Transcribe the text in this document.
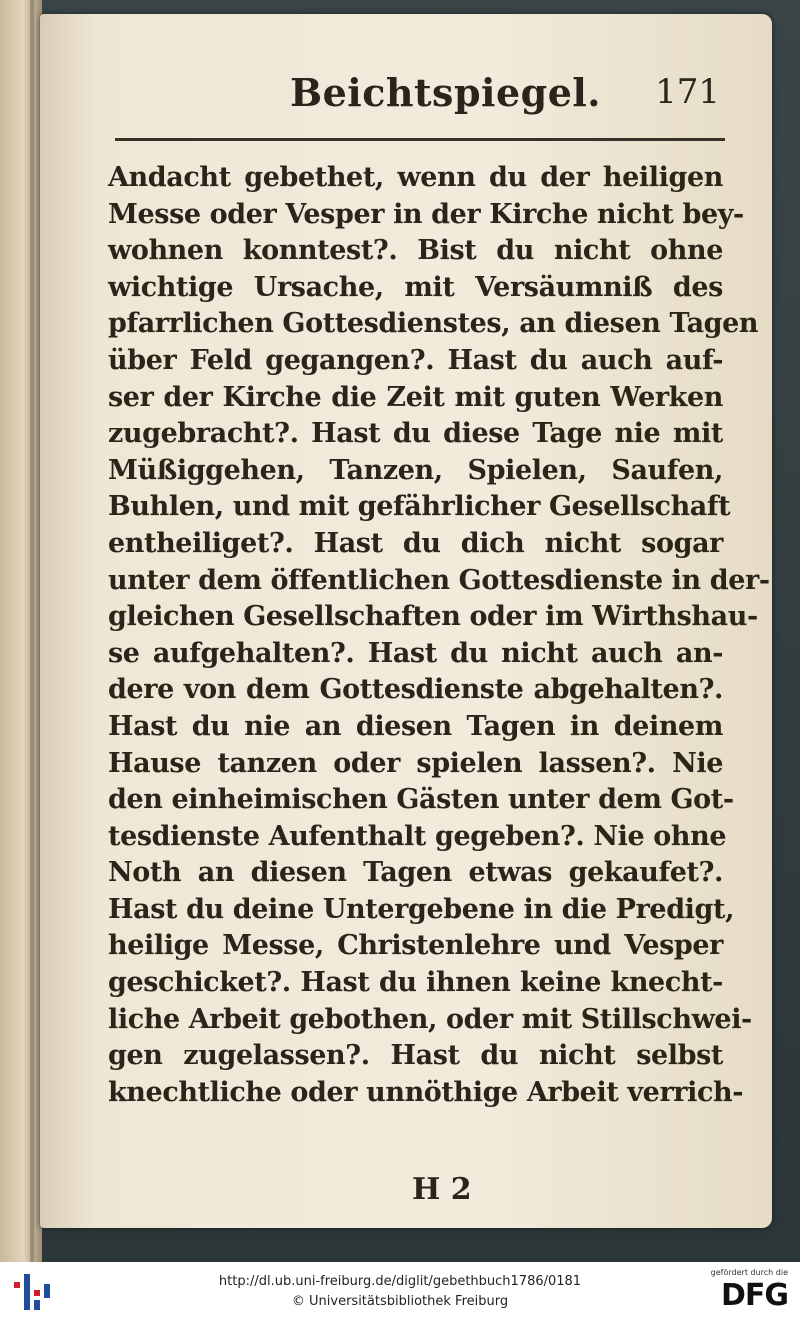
Beichtspiegel. 171
Andacht gebethet, wenn du der heiligen
Messe oder Vesper in der Kirche nicht bey-
wohnen konntest?. Bist du nicht ohne
wichtige Ursache, mit Versäumniß des
pfarrlichen Gottesdienstes, an diesen Tagen
über Feld gegangen?. Hast du auch auf-
ser der Kirche die Zeit mit guten Werken
zugebracht?. Hast du diese Tage nie mit
Müßiggehen, Tanzen, Spielen, Saufen,
Buhlen, und mit gefährlicher Gesellschaft
entheiliget?. Hast du dich nicht sogar
unter dem öffentlichen Gottesdienste in der-
gleichen Gesellschaften oder im Wirthshau-
se aufgehalten?. Hast du nicht auch an-
dere von dem Gottesdienste abgehalten?.
Hast du nie an diesen Tagen in deinem
Hause tanzen oder spielen lassen?. Nie
den einheimischen Gästen unter dem Got-
tesdienste Aufenthalt gegeben?. Nie ohne
Noth an diesen Tagen etwas gekaufet?.
Hast du deine Untergebene in die Predigt,
heilige Messe, Christenlehre und Vesper
geschicket?. Hast du ihnen keine knecht-
liche Arbeit gebothen, oder mit Stillschwei-
gen zugelassen?. Hast du nicht selbst
knechtliche oder unnöthige Arbeit verrich-
H 2
http://dl.ub.uni-freiburg.de/diglit/gebethbuch1786/0181
© Universitätsbibliothek Freiburg
gefördert durch die
DFG
